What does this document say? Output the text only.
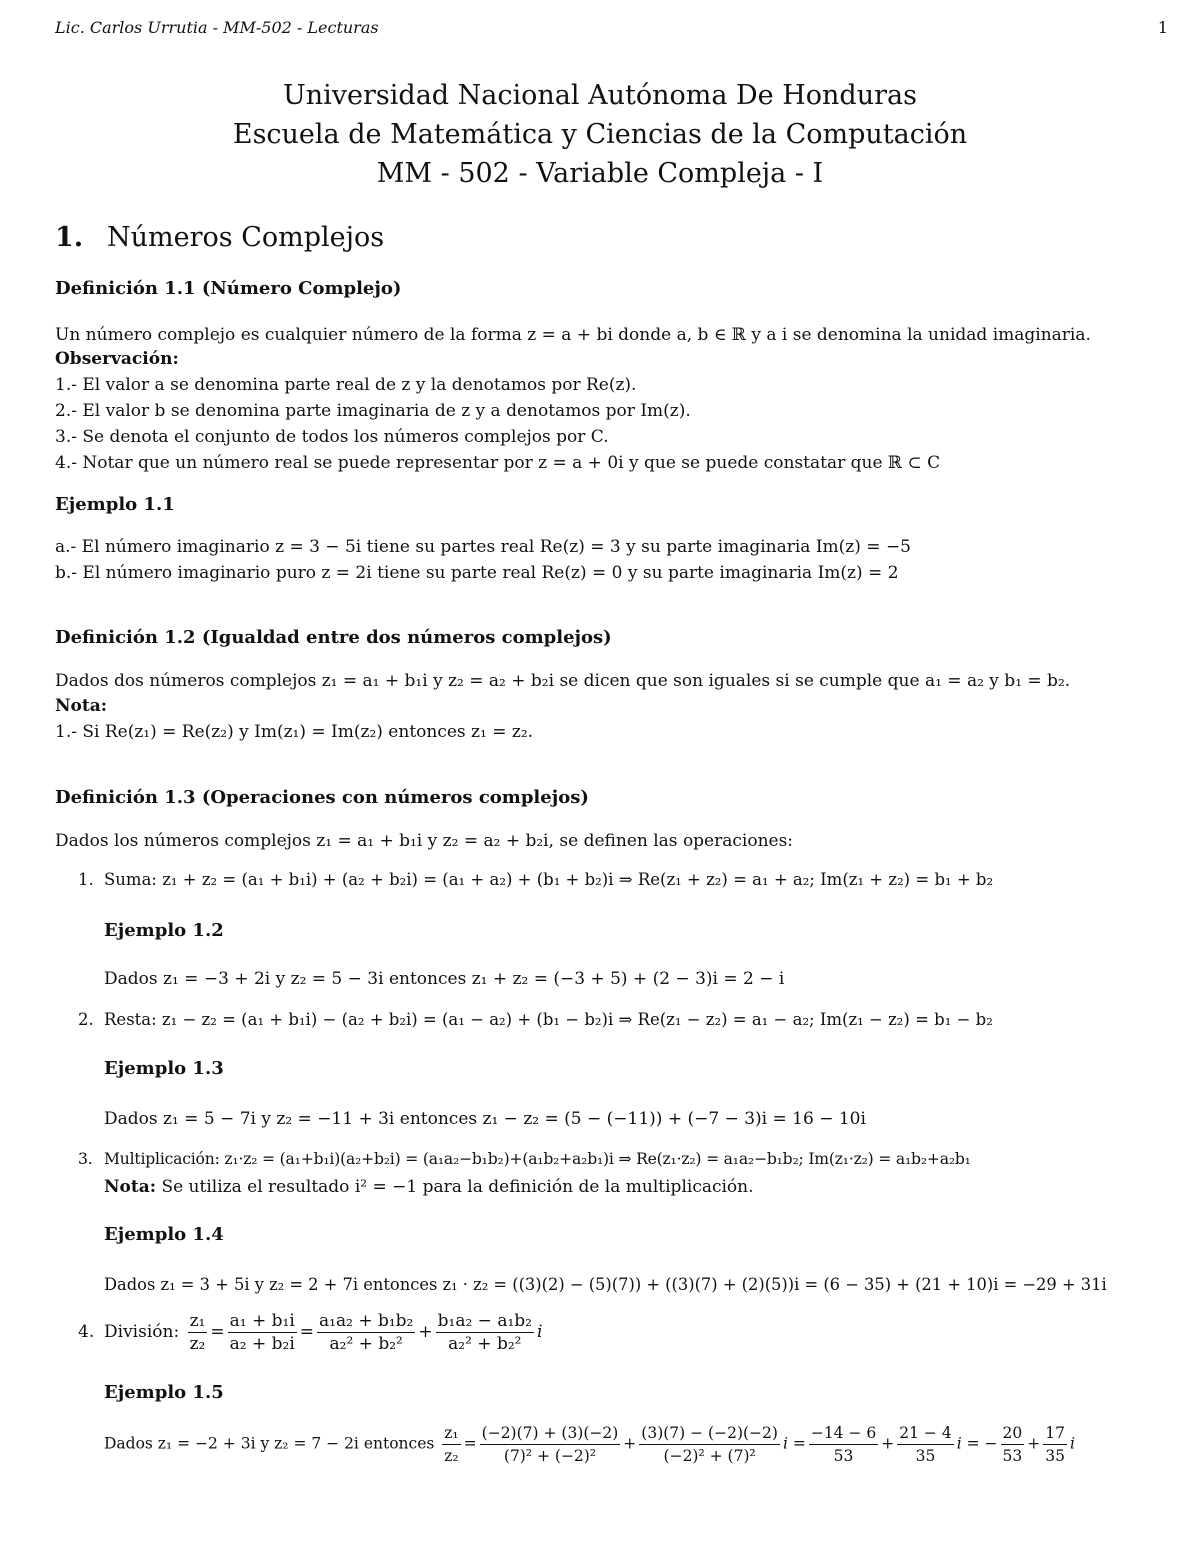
Lic. Carlos Urrutia - MM-502 - Lecturas	1
Universidad Nacional Autónoma De Honduras
Escuela de Matemática y Ciencias de la Computación
MM - 502 - Variable Compleja - I
1. Números Complejos
Definición 1.1 (Número Complejo)
Un número complejo es cualquier número de la forma z = a + bi donde a, b ∈ ℝ y a i se denomina la unidad imaginaria.
Observación:
1.- El valor a se denomina parte real de z y la denotamos por Re(z).
2.- El valor b se denomina parte imaginaria de z y a denotamos por Im(z).
3.- Se denota el conjunto de todos los números complejos por C.
4.- Notar que un número real se puede representar por z = a + 0i y que se puede constatar que ℝ ⊂ C
Ejemplo 1.1
a.- El número imaginario z = 3 − 5i tiene su partes real Re(z) = 3 y su parte imaginaria Im(z) = −5
b.- El número imaginario puro z = 2i tiene su parte real Re(z) = 0 y su parte imaginaria Im(z) = 2
Definición 1.2 (Igualdad entre dos números complejos)
Dados dos números complejos z₁ = a₁ + b₁i y z₂ = a₂ + b₂i se dicen que son iguales si se cumple que a₁ = a₂ y b₁ = b₂.
Nota:
1.- Si Re(z₁) = Re(z₂) y Im(z₁) = Im(z₂) entonces z₁ = z₂.
Definición 1.3 (Operaciones con números complejos)
Dados los números complejos z₁ = a₁ + b₁i y z₂ = a₂ + b₂i, se definen las operaciones:
1. Suma: z₁ + z₂ = (a₁ + b₁i) + (a₂ + b₂i) = (a₁ + a₂) + (b₁ + b₂)i ⇒ Re(z₁ + z₂) = a₁ + a₂; Im(z₁ + z₂) = b₁ + b₂
Ejemplo 1.2
Dados z₁ = −3 + 2i y z₂ = 5 − 3i entonces z₁ + z₂ = (−3 + 5) + (2 − 3)i = 2 − i
2. Resta: z₁ − z₂ = (a₁ + b₁i) − (a₂ + b₂i) = (a₁ − a₂) + (b₁ − b₂)i ⇒ Re(z₁ − z₂) = a₁ − a₂; Im(z₁ − z₂) = b₁ − b₂
Ejemplo 1.3
Dados z₁ = 5 − 7i y z₂ = −11 + 3i entonces z₁ − z₂ = (5 − (−11)) + (−7 − 3)i = 16 − 10i
3. Multiplicación: z₁·z₂ = (a₁+b₁i)(a₂+b₂i) = (a₁a₂−b₁b₂)+(a₁b₂+a₂b₁)i ⇒ Re(z₁·z₂) = a₁a₂−b₁b₂; Im(z₁·z₂) = a₁b₂+a₂b₁
Nota: Se utiliza el resultado i² = −1 para la definición de la multiplicación.
Ejemplo 1.4
Dados z₁ = 3 + 5i y z₂ = 2 + 7i entonces z₁ · z₂ = ((3)(2) − (5)(7)) + ((3)(7) + (2)(5))i = (6 − 35) + (21 + 10)i = −29 + 31i
4. División: $\frac{\text{z₁}}{\text{z₂}} = \frac{\text{a₁ + b₁i}}{\text{a₂ + b₂i}} = \frac{\text{a₁a₂ + b₁b₂}}{\text{a₂² + b₂²}} + \frac{\text{b₁a₂ − a₁b₂}}{\text{a₂² + b₂²}}$ i
Ejemplo 1.5
Dados z₁ = −2 + 3i y z₂ = 7 − 2i entonces $\frac{\text{z₁}}{\text{z₂}} = \frac{(-2)(7) + (3)(-2)}{\text{(7)² + (−2)²}} + \frac{(3)(7) - (-2)(-2)}{\text{(−2)² + (7)²}}$ $i = \frac{-14 - 6}{53} + \frac{21 - 4}{35}$ i = − $\frac{20}{53} + \frac{17}{35}$ i
